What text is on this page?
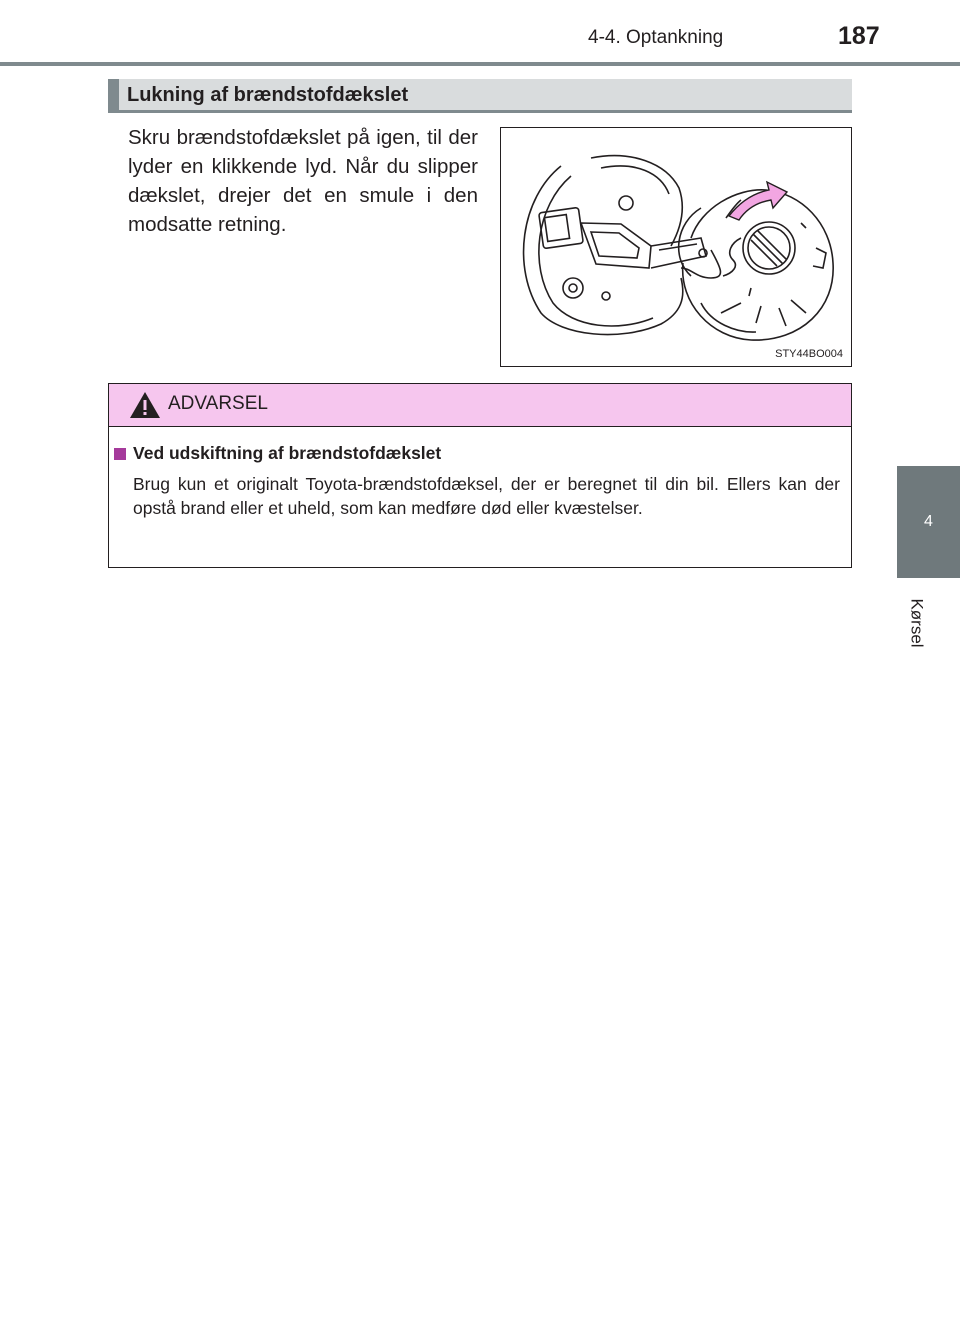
4-4. Optankning	187
4
Kørsel
Lukning af brændstofdækslet
Skru brændstofdækslet på igen, til der lyder en klikkende lyd. Når du slipper dækslet, drejer det en smule i den modsatte retning.
STY44BO004
ADVARSEL
Ved udskiftning af brændstofdækslet
Brug kun et originalt Toyota-brændstofdæksel, der er beregnet til din bil. Ellers kan der opstå brand eller et uheld, som kan medføre død eller kvæstelser.
